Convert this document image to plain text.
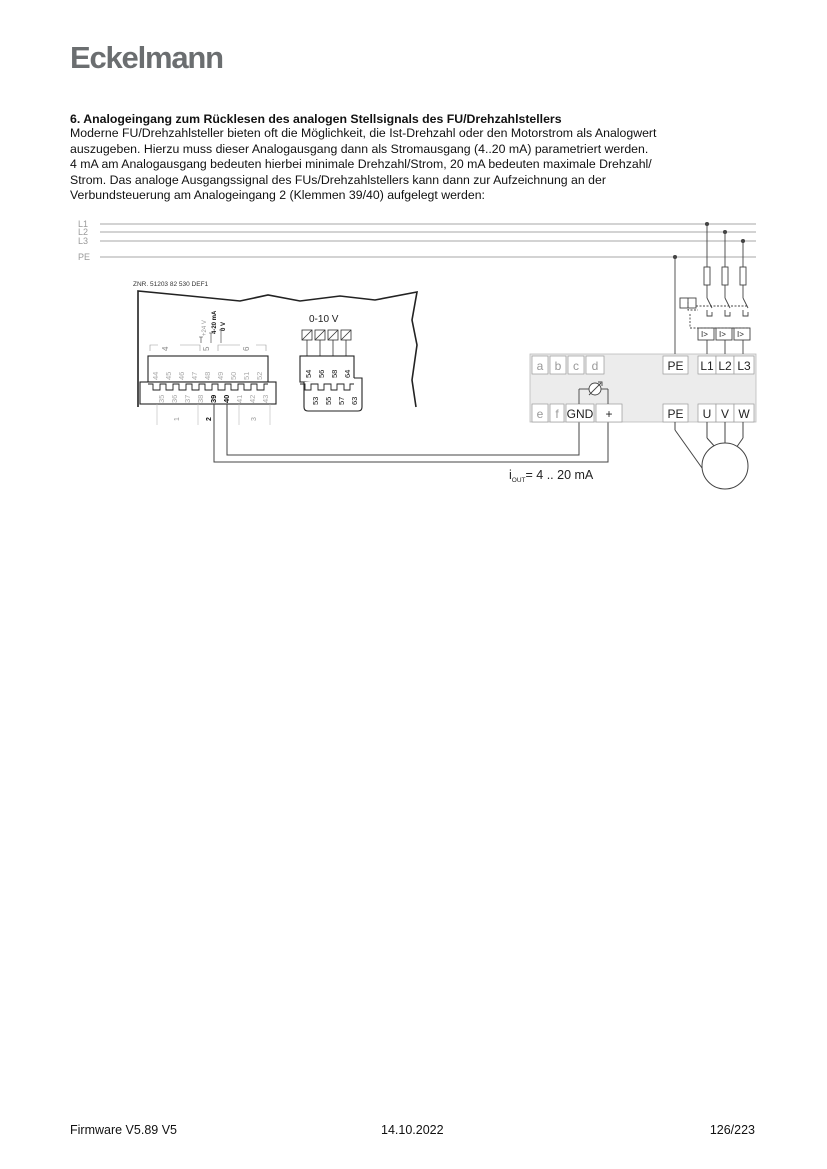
Eckelmann
6. Analogeingang zum Rücklesen des analogen Stellsignals des FU/Drehzahlstellers

Moderne FU/Drehzahlsteller bieten oft die Möglichkeit, die Ist-Drehzahl oder den Motorstrom als Analogwert

auszugeben. Hierzu muss dieser Analogausgang dann als Stromausgang (4..20 mA) parametriert werden.

4 mA am Analogausgang bedeuten hierbei minimale Drehzahl/Strom, 20 mA bedeuten maximale Drehzahl/

Strom. Das analoge Ausgangssignal des FUs/Drehzahlstellers kann dann zur Aufzeichnung an der

Verbundsteuerung am Analogeingang 2 (Klemmen 39/40) aufgelegt werden:

L1
L2
L3
PE
ZNR. 51203 82 530 DEF1
4	5	6
+24 V 4-20 mA 0 V
44 45 46 47 48 49 50 51 52
35 36 37 38 39 40 41 42 43
1	2	3
0-10 V
54 56 58 64
53 55 57 63
a b c d	PE L1 L2 L3
e f GND +	PE U V W
I> I> I>
$i_{OUT}= 4$ .. 20 mA
Firmware V5.89 V5	14.10.2022	126/223
